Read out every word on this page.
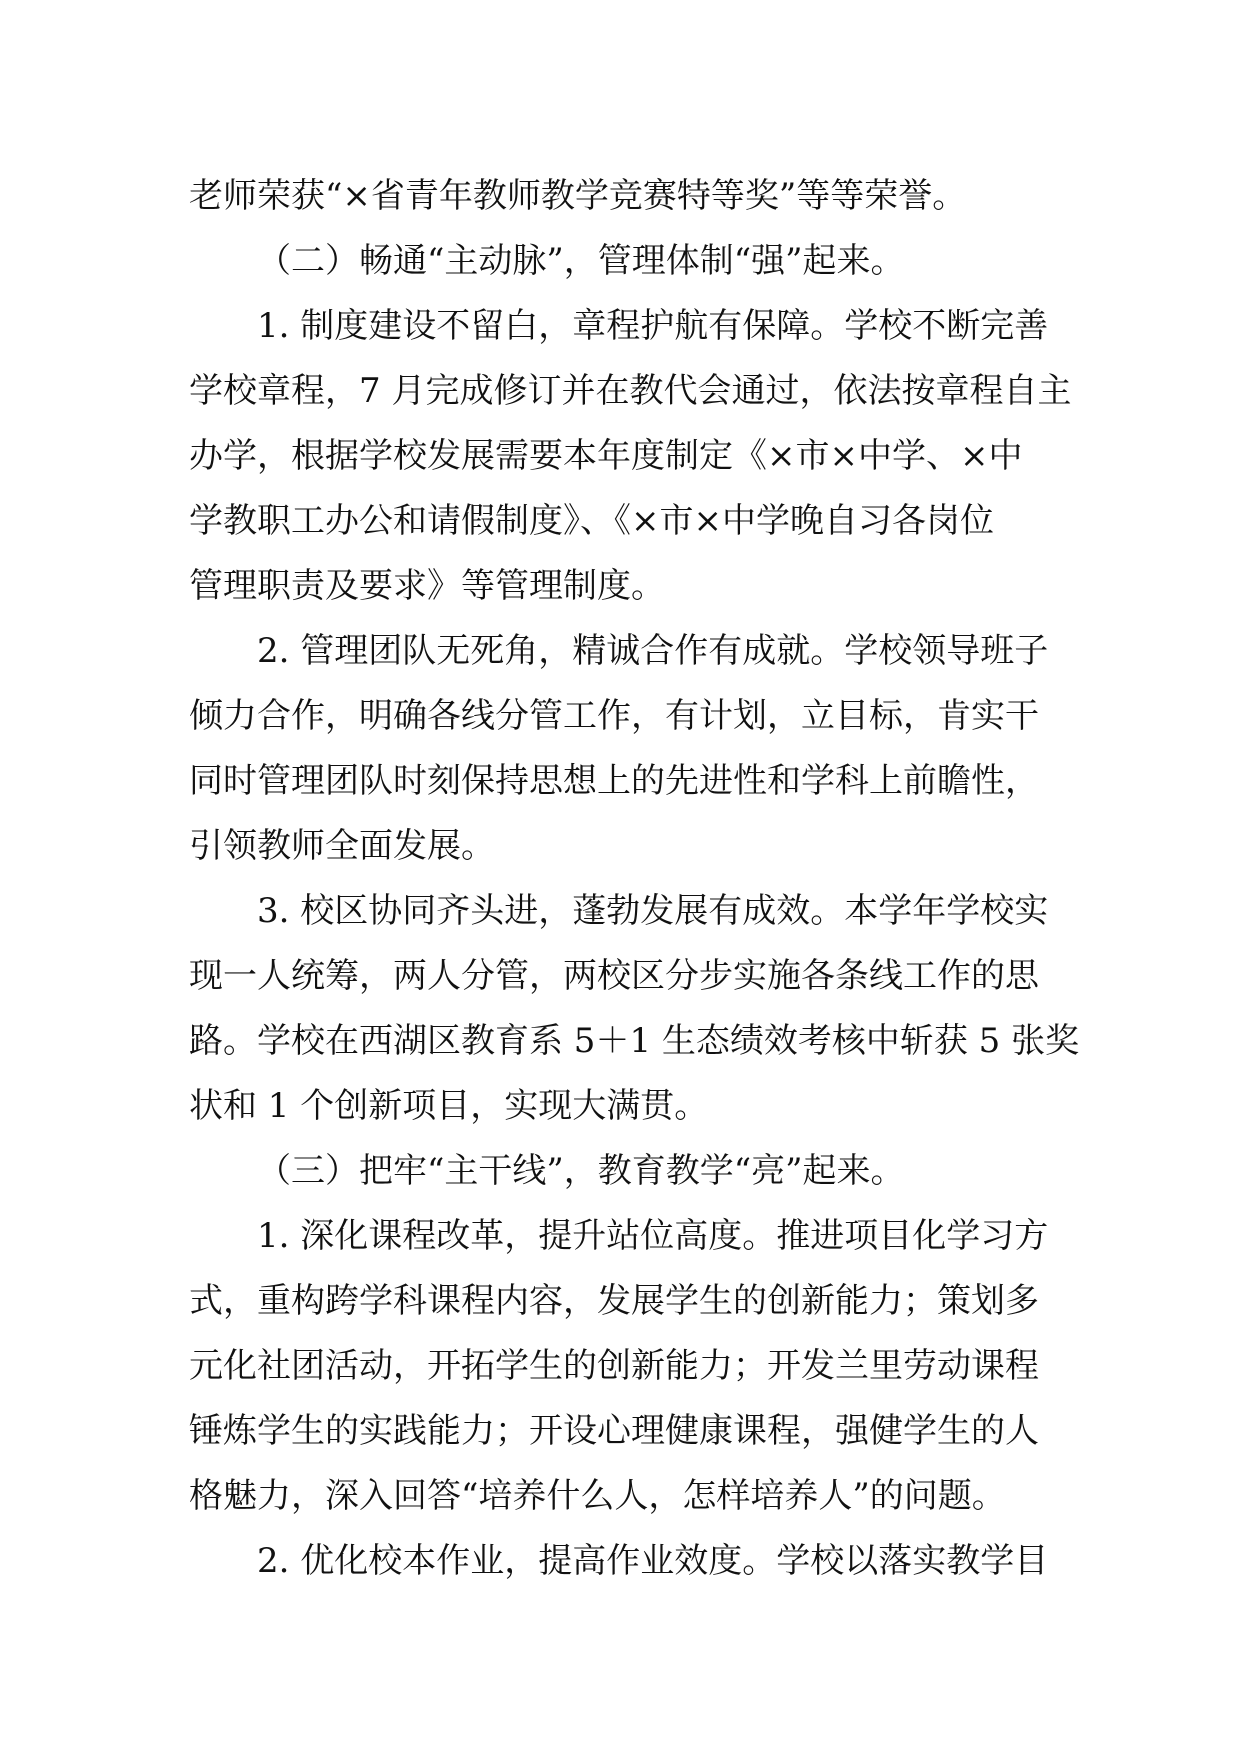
老师荣获“×省青年教师教学竞赛特等奖”等等荣誉。
（二）畅通“主动脉”，管理体制“强”起来。
1. 制度建设不留白，章程护航有保障。学校不断完善
学校章程，7 月完成修订并在教代会通过，依法按章程自主
办学，根据学校发展需要本年度制定《×市×中学、×中
学教职工办公和请假制度》、《×市×中学晚自习各岗位
管理职责及要求》等管理制度。
2. 管理团队无死角，精诚合作有成就。学校领导班子
倾力合作，明确各线分管工作，有计划，立目标，肯实干
同时管理团队时刻保持思想上的先进性和学科上前瞻性，
引领教师全面发展。
3. 校区协同齐头进，蓬勃发展有成效。本学年学校实
现一人统筹，两人分管，两校区分步实施各条线工作的思
路。学校在西湖区教育系 5＋1 生态绩效考核中斩获 5 张奖
状和 1 个创新项目，实现大满贯。
（三）把牢“主干线”，教育教学“亮”起来。
1. 深化课程改革，提升站位高度。推进项目化学习方
式，重构跨学科课程内容，发展学生的创新能力；策划多
元化社团活动，开拓学生的创新能力；开发兰里劳动课程
锤炼学生的实践能力；开设心理健康课程，强健学生的人
格魅力，深入回答“培养什么人，怎样培养人”的问题。
2. 优化校本作业，提高作业效度。学校以落实教学目
